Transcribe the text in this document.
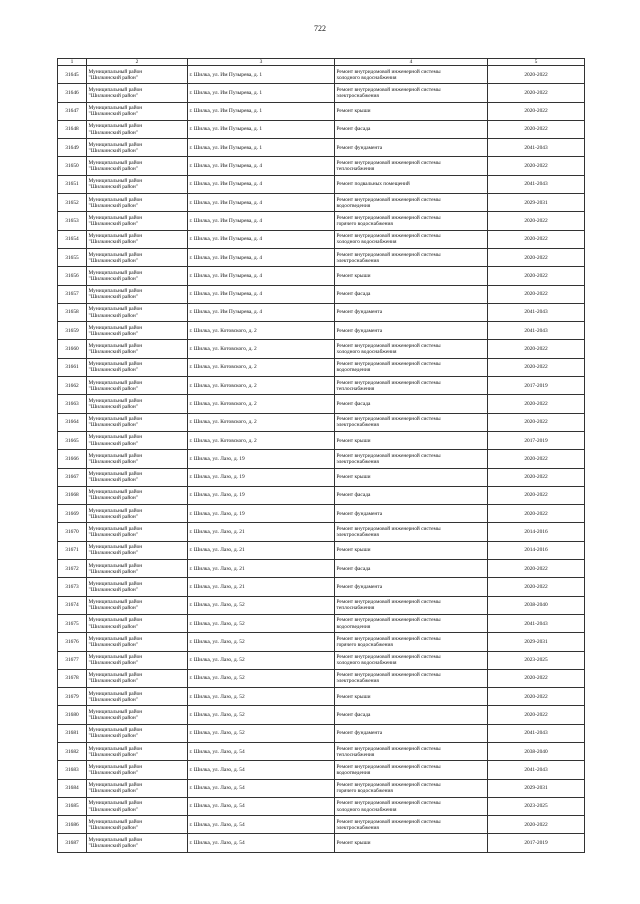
722
1	2	3	4	5
31645	Муниципальный район
"Шилкинский район"	г. Шилка, ул. Им Пузырева, д. 1	Ремонт внутридомовой инженерной системы
холодного водоснабжения	2020-2022
31646	Муниципальный район
"Шилкинский район"	г. Шилка, ул. Им Пузырева, д. 1	Ремонт внутридомовой инженерной системы
электроснабжения	2020-2022
31647	Муниципальный район
"Шилкинский район"	г. Шилка, ул. Им Пузырева, д. 1	Ремонт крыши	2020-2022
31648	Муниципальный район
"Шилкинский район"	г. Шилка, ул. Им Пузырева, д. 1	Ремонт фасада	2020-2022
31649	Муниципальный район
"Шилкинский район"	г. Шилка, ул. Им Пузырева, д. 1	Ремонт фундамента	2041-2043
31650	Муниципальный район
"Шилкинский район"	г. Шилка, ул. Им Пузырева, д. 4	Ремонт внутридомовой инженерной системы
теплоснабжения	2020-2022
31651	Муниципальный район
"Шилкинский район"	г. Шилка, ул. Им Пузырева, д. 4	Ремонт подвальных помещений	2041-2043
31652	Муниципальный район
"Шилкинский район"	г. Шилка, ул. Им Пузырева, д. 4	Ремонт внутридомовой инженерной системы
водоотведения	2029-2031
31653	Муниципальный район
"Шилкинский район"	г. Шилка, ул. Им Пузырева, д. 4	Ремонт внутридомовой инженерной системы
горячего водоснабжения	2020-2022
31654	Муниципальный район
"Шилкинский район"	г. Шилка, ул. Им Пузырева, д. 4	Ремонт внутридомовой инженерной системы
холодного водоснабжения	2020-2022
31655	Муниципальный район
"Шилкинский район"	г. Шилка, ул. Им Пузырева, д. 4	Ремонт внутридомовой инженерной системы
электроснабжения	2020-2022
31656	Муниципальный район
"Шилкинский район"	г. Шилка, ул. Им Пузырева, д. 4	Ремонт крыши	2020-2022
31657	Муниципальный район
"Шилкинский район"	г. Шилка, ул. Им Пузырева, д. 4	Ремонт фасада	2020-2022
31658	Муниципальный район
"Шилкинский район"	г. Шилка, ул. Им Пузырева, д. 4	Ремонт фундамента	2041-2043
31659	Муниципальный район
"Шилкинский район"	г. Шилка, ул. Котовского, д. 2	Ремонт фундамента	2041-2043
31660	Муниципальный район
"Шилкинский район"	г. Шилка, ул. Котовского, д. 2	Ремонт внутридомовой инженерной системы
холодного водоснабжения	2020-2022
31661	Муниципальный район
"Шилкинский район"	г. Шилка, ул. Котовского, д. 2	Ремонт внутридомовой инженерной системы
водоотведения	2020-2022
31662	Муниципальный район
"Шилкинский район"	г. Шилка, ул. Котовского, д. 2	Ремонт внутридомовой инженерной системы
теплоснабжения	2017-2019
31663	Муниципальный район
"Шилкинский район"	г. Шилка, ул. Котовского, д. 2	Ремонт фасада	2020-2022
31664	Муниципальный район
"Шилкинский район"	г. Шилка, ул. Котовского, д. 2	Ремонт внутридомовой инженерной системы
электроснабжения	2020-2022
31665	Муниципальный район
"Шилкинский район"	г. Шилка, ул. Котовского, д. 2	Ремонт крыши	2017-2019
31666	Муниципальный район
"Шилкинский район"	г. Шилка, ул. Лазо, д. 19	Ремонт внутридомовой инженерной системы
электроснабжения	2020-2022
31667	Муниципальный район
"Шилкинский район"	г. Шилка, ул. Лазо, д. 19	Ремонт крыши	2020-2022
31668	Муниципальный район
"Шилкинский район"	г. Шилка, ул. Лазо, д. 19	Ремонт фасада	2020-2022
31669	Муниципальный район
"Шилкинский район"	г. Шилка, ул. Лазо, д. 19	Ремонт фундамента	2020-2022
31670	Муниципальный район
"Шилкинский район"	г. Шилка, ул. Лазо, д. 21	Ремонт внутридомовой инженерной системы
электроснабжения	2014-2016
31671	Муниципальный район
"Шилкинский район"	г. Шилка, ул. Лазо, д. 21	Ремонт крыши	2014-2016
31672	Муниципальный район
"Шилкинский район"	г. Шилка, ул. Лазо, д. 21	Ремонт фасада	2020-2022
31673	Муниципальный район
"Шилкинский район"	г. Шилка, ул. Лазо, д. 21	Ремонт фундамента	2020-2022
31674	Муниципальный район
"Шилкинский район"	г. Шилка, ул. Лазо, д. 52	Ремонт внутридомовой инженерной системы
теплоснабжения	2038-2040
31675	Муниципальный район
"Шилкинский район"	г. Шилка, ул. Лазо, д. 52	Ремонт внутридомовой инженерной системы
водоотведения	2041-2043
31676	Муниципальный район
"Шилкинский район"	г. Шилка, ул. Лазо, д. 52	Ремонт внутридомовой инженерной системы
горячего водоснабжения	2029-2031
31677	Муниципальный район
"Шилкинский район"	г. Шилка, ул. Лазо, д. 52	Ремонт внутридомовой инженерной системы
холодного водоснабжения	2023-2025
31678	Муниципальный район
"Шилкинский район"	г. Шилка, ул. Лазо, д. 52	Ремонт внутридомовой инженерной системы
электроснабжения	2020-2022
31679	Муниципальный район
"Шилкинский район"	г. Шилка, ул. Лазо, д. 52	Ремонт крыши	2020-2022
31680	Муниципальный район
"Шилкинский район"	г. Шилка, ул. Лазо, д. 52	Ремонт фасада	2020-2022
31681	Муниципальный район
"Шилкинский район"	г. Шилка, ул. Лазо, д. 52	Ремонт фундамента	2041-2043
31682	Муниципальный район
"Шилкинский район"	г. Шилка, ул. Лазо, д. 54	Ремонт внутридомовой инженерной системы
теплоснабжения	2038-2040
31683	Муниципальный район
"Шилкинский район"	г. Шилка, ул. Лазо, д. 54	Ремонт внутридомовой инженерной системы
водоотведения	2041-2043
31684	Муниципальный район
"Шилкинский район"	г. Шилка, ул. Лазо, д. 54	Ремонт внутридомовой инженерной системы
горячего водоснабжения	2029-2031
31685	Муниципальный район
"Шилкинский район"	г. Шилка, ул. Лазо, д. 54	Ремонт внутридомовой инженерной системы
холодного водоснабжения	2023-2025
31686	Муниципальный район
"Шилкинский район"	г. Шилка, ул. Лазо, д. 54	Ремонт внутридомовой инженерной системы
электроснабжения	2020-2022
31687	Муниципальный район
"Шилкинский район"	г. Шилка, ул. Лазо, д. 54	Ремонт крыши	2017-2019
